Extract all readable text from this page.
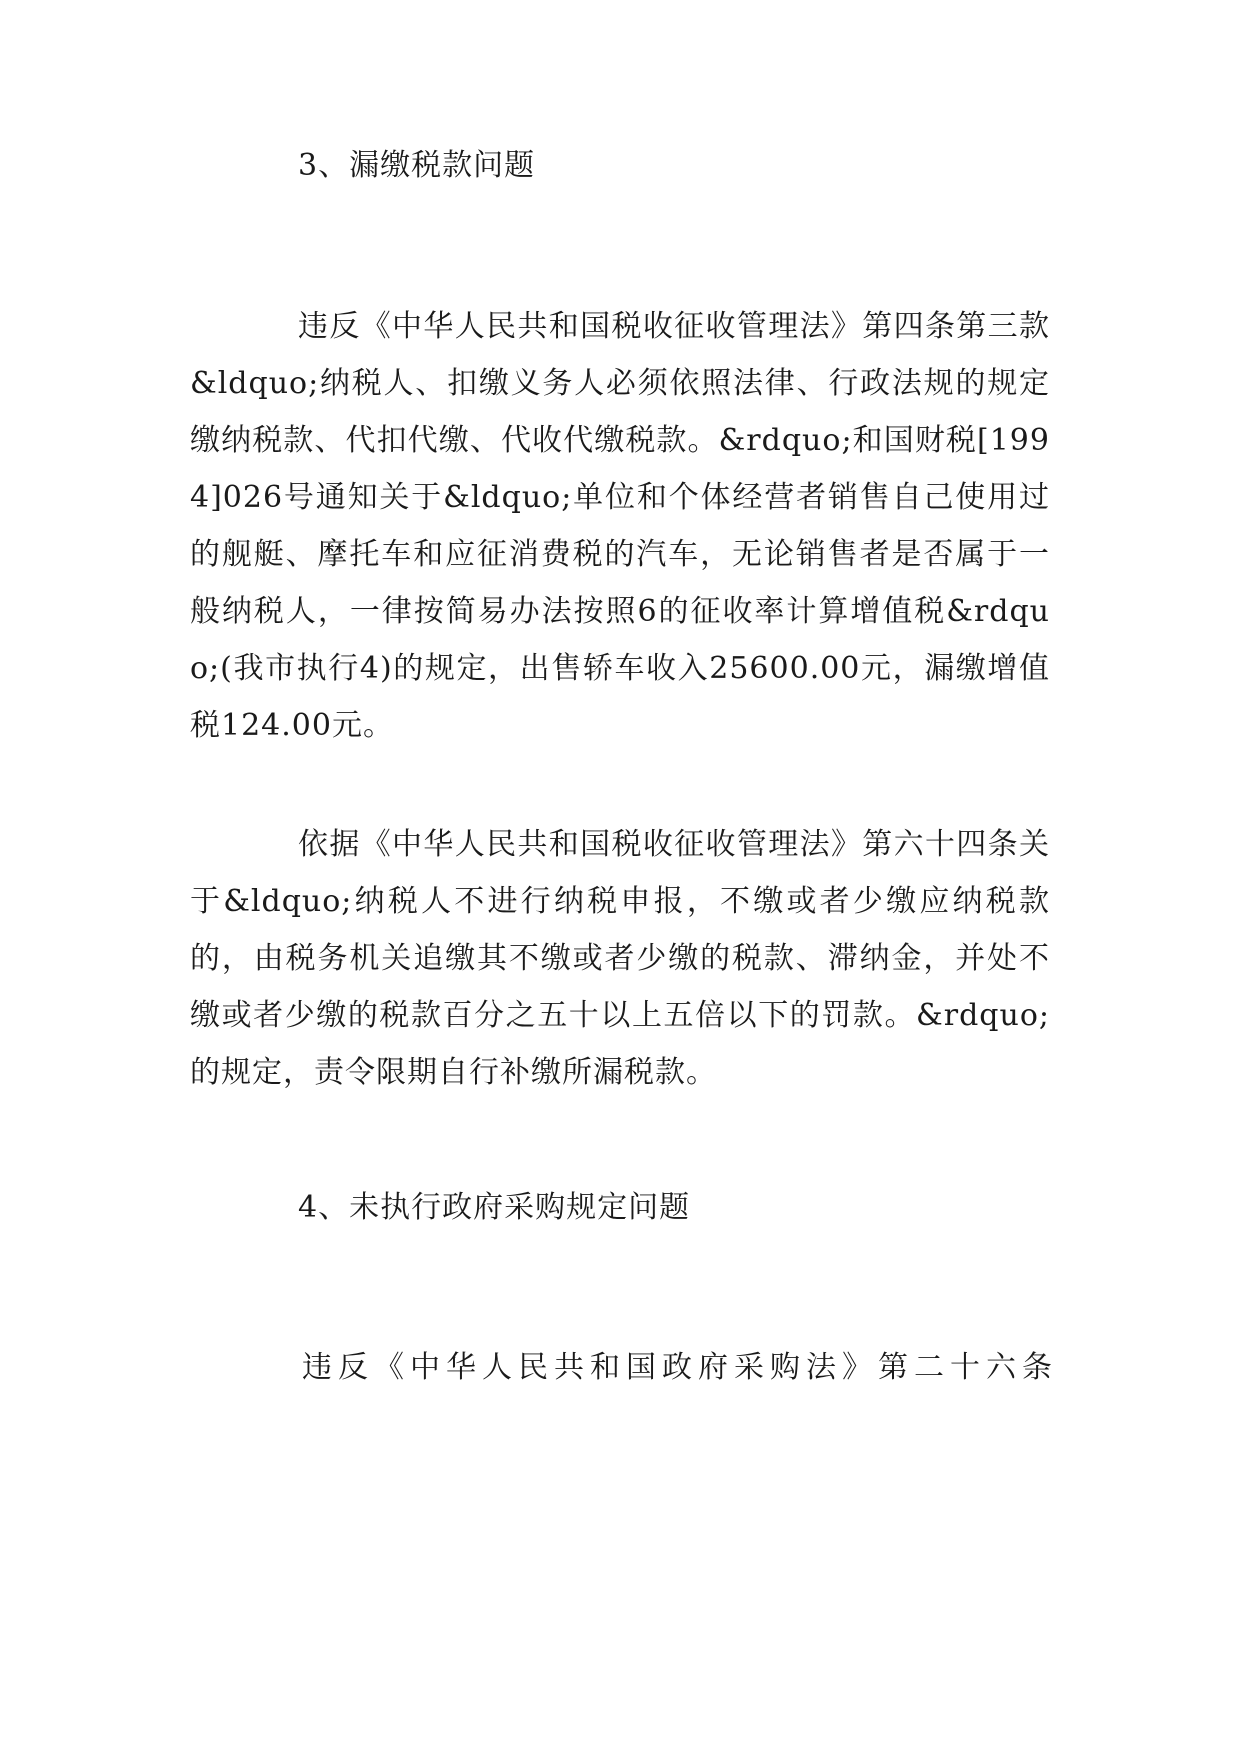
3、漏缴税款问题
违反《中华人民共和国税收征收管理法》第四条第三款&ldquo;纳税人、扣缴义务人必须依照法律、行政法规的规定缴纳税款、代扣代缴、代收代缴税款。&rdquo;和国财税[1994]026号通知关于&ldquo;单位和个体经营者销售自己使用过的舰艇、摩托车和应征消费税的汽车，无论销售者是否属于一般纳税人，一律按简易办法按照6的征收率计算增值税&rdquo;(我市执行4)的规定，出售轿车收入25600.00元，漏缴增值税124.00元。
依据《中华人民共和国税收征收管理法》第六十四条关于&ldquo;纳税人不进行纳税申报，不缴或者少缴应纳税款的，由税务机关追缴其不缴或者少缴的税款、滞纳金，并处不缴或者少缴的税款百分之五十以上五倍以下的罚款。&rdquo;的规定，责令限期自行补缴所漏税款。
4、未执行政府采购规定问题
违反《中华人民共和国政府采购法》第二十六条
